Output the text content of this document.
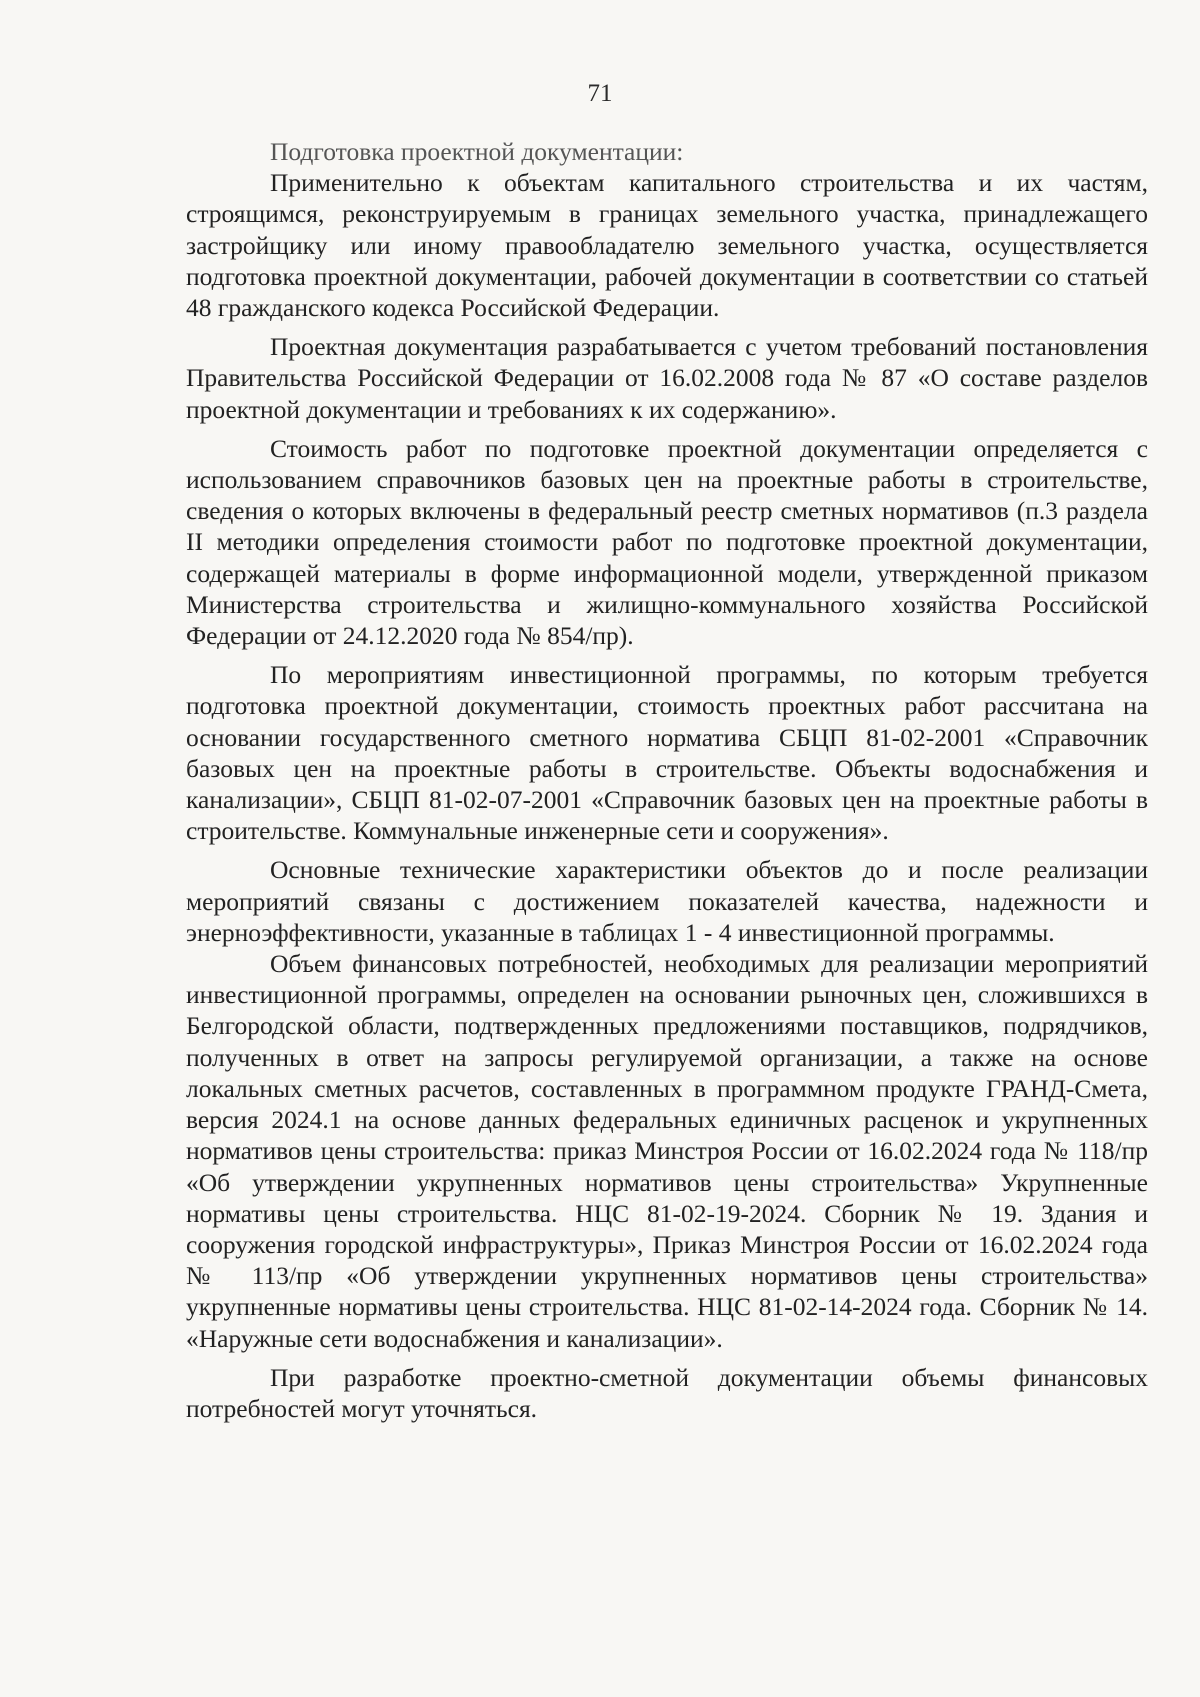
71

Подготовка проектной документации:

Применительно к объектам капитального строительства и их частям, строящимся, реконструируемым в границах земельного участка, принадлежащего застройщику или иному правообладателю земельного участка, осуществляется подготовка проектной документации, рабочей документации в соответствии со статьей 48 гражданского кодекса Российской Федерации.

Проектная документация разрабатывается с учетом требований постановления Правительства Российской Федерации от 16.02.2008 года № 87 «О составе разделов проектной документации и требованиях к их содержанию».

Стоимость работ по подготовке проектной документации определяется с использованием справочников базовых цен на проектные работы в строительстве, сведения о которых включены в федеральный реестр сметных нормативов (п.3 раздела II методики определения стоимости работ по подготовке проектной документации, содержащей материалы в форме информационной модели, утвержденной приказом Министерства строительства и жилищно-коммунального хозяйства Российской Федерации от 24.12.2020 года № 854/пр).

По мероприятиям инвестиционной программы, по которым требуется подготовка проектной документации, стоимость проектных работ рассчитана на основании государственного сметного норматива СБЦП 81-02-2001 «Справочник базовых цен на проектные работы в строительстве. Объекты водоснабжения и канализации», СБЦП 81-02-07-2001 «Справочник базовых цен на проектные работы в строительстве. Коммунальные инженерные сети и сооружения».

Основные технические характеристики объектов до и после реализации мероприятий связаны с достижением показателей качества, надежности и энерноэффективности, указанные в таблицах 1 - 4 инвестиционной программы.

Объем финансовых потребностей, необходимых для реализации мероприятий инвестиционной программы, определен на основании рыночных цен, сложившихся в Белгородской области, подтвержденных предложениями поставщиков, подрядчиков, полученных в ответ на запросы регулируемой организации, а также на основе локальных сметных расчетов, составленных в программном продукте ГРАНД-Смета, версия 2024.1 на основе данных федеральных единичных расценок и укрупненных нормативов цены строительства: приказ Минстроя России от 16.02.2024 года № 118/пр «Об утверждении укрупненных нормативов цены строительства» Укрупненные нормативы цены строительства. НЦС 81-02-19-2024. Сборник № 19. Здания и сооружения городской инфраструктуры», Приказ Минстроя России от 16.02.2024 года № 113/пр «Об утверждении укрупненных нормативов цены строительства» укрупненные нормативы цены строительства. НЦС 81-02-14-2024 года. Сборник № 14. «Наружные сети водоснабжения и канализации».

При разработке проектно-сметной документации объемы финансовых потребностей могут уточняться.
